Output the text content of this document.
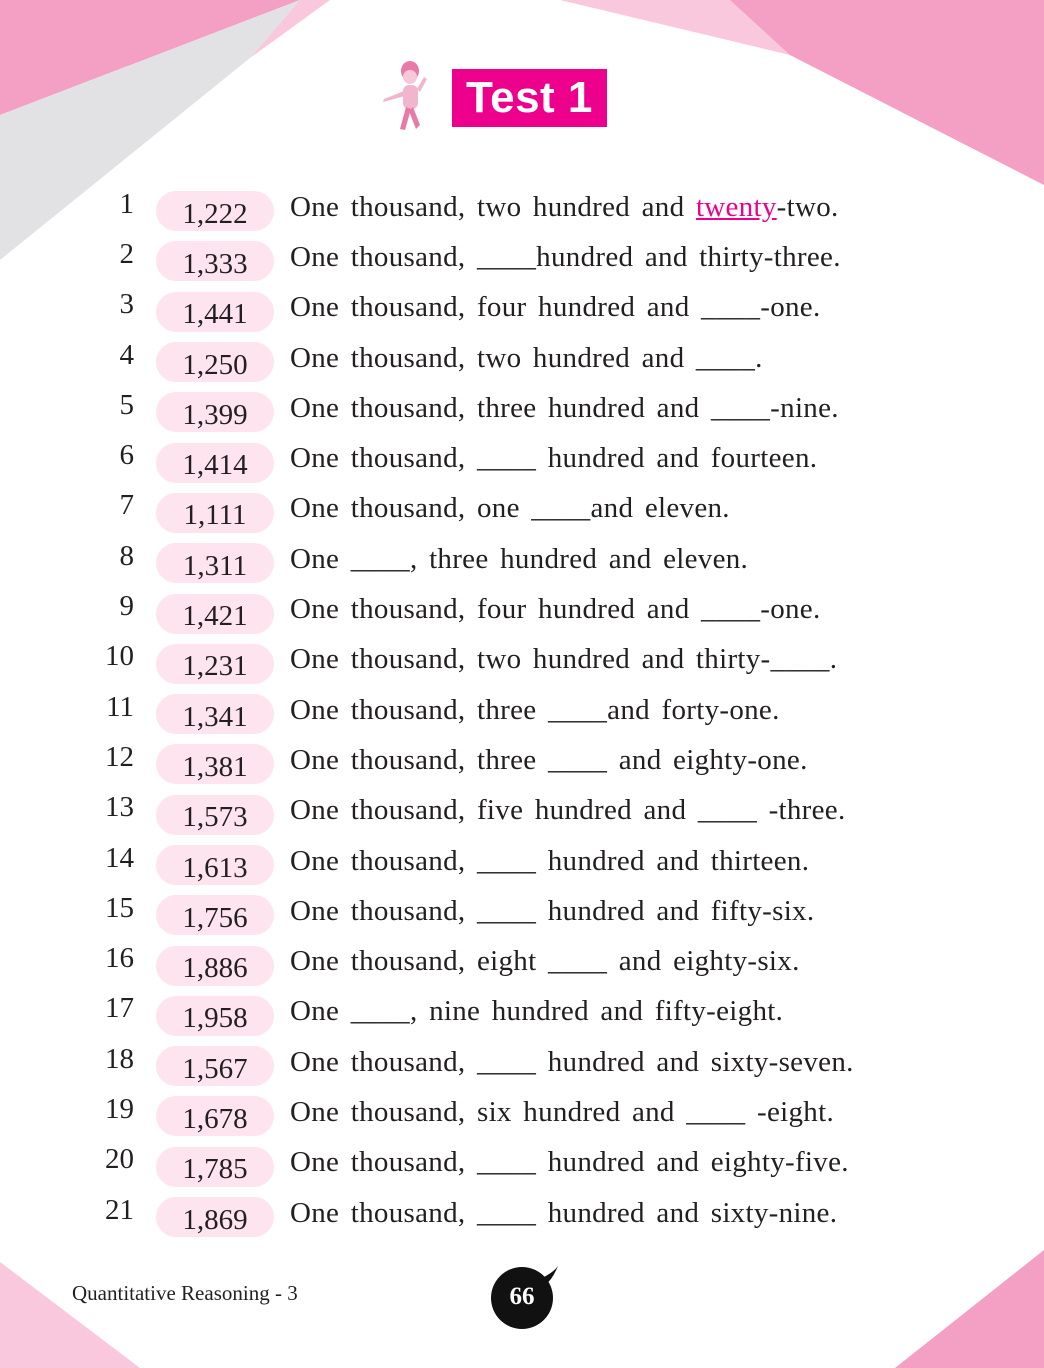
Test 1
1	1,222	One thousand, two hundred and twenty-two.
2	1,333	One thousand, ____hundred and thirty-three.
3	1,441	One thousand, four hundred and ____-one.
4	1,250	One thousand, two hundred and ____.
5	1,399	One thousand, three hundred and ____-nine.
6	1,414	One thousand, ____ hundred and fourteen.
7	1,111	One thousand, one ____and eleven.
8	1,311	One ____, three hundred and eleven.
9	1,421	One thousand, four hundred and ____-one.
10	1,231	One thousand, two hundred and thirty-____.
11	1,341	One thousand, three ____and forty-one.
12	1,381	One thousand, three ____ and eighty-one.
13	1,573	One thousand, five hundred and ____ -three.
14	1,613	One thousand, ____ hundred and thirteen.
15	1,756	One thousand, ____ hundred and fifty-six.
16	1,886	One thousand, eight ____ and eighty-six.
17	1,958	One ____, nine hundred and fifty-eight.
18	1,567	One thousand, ____ hundred and sixty-seven.
19	1,678	One thousand, six hundred and ____ -eight.
20	1,785	One thousand, ____ hundred and eighty-five.
21	1,869	One thousand, ____ hundred and sixty-nine.
Quantitative Reasoning - 3	66
